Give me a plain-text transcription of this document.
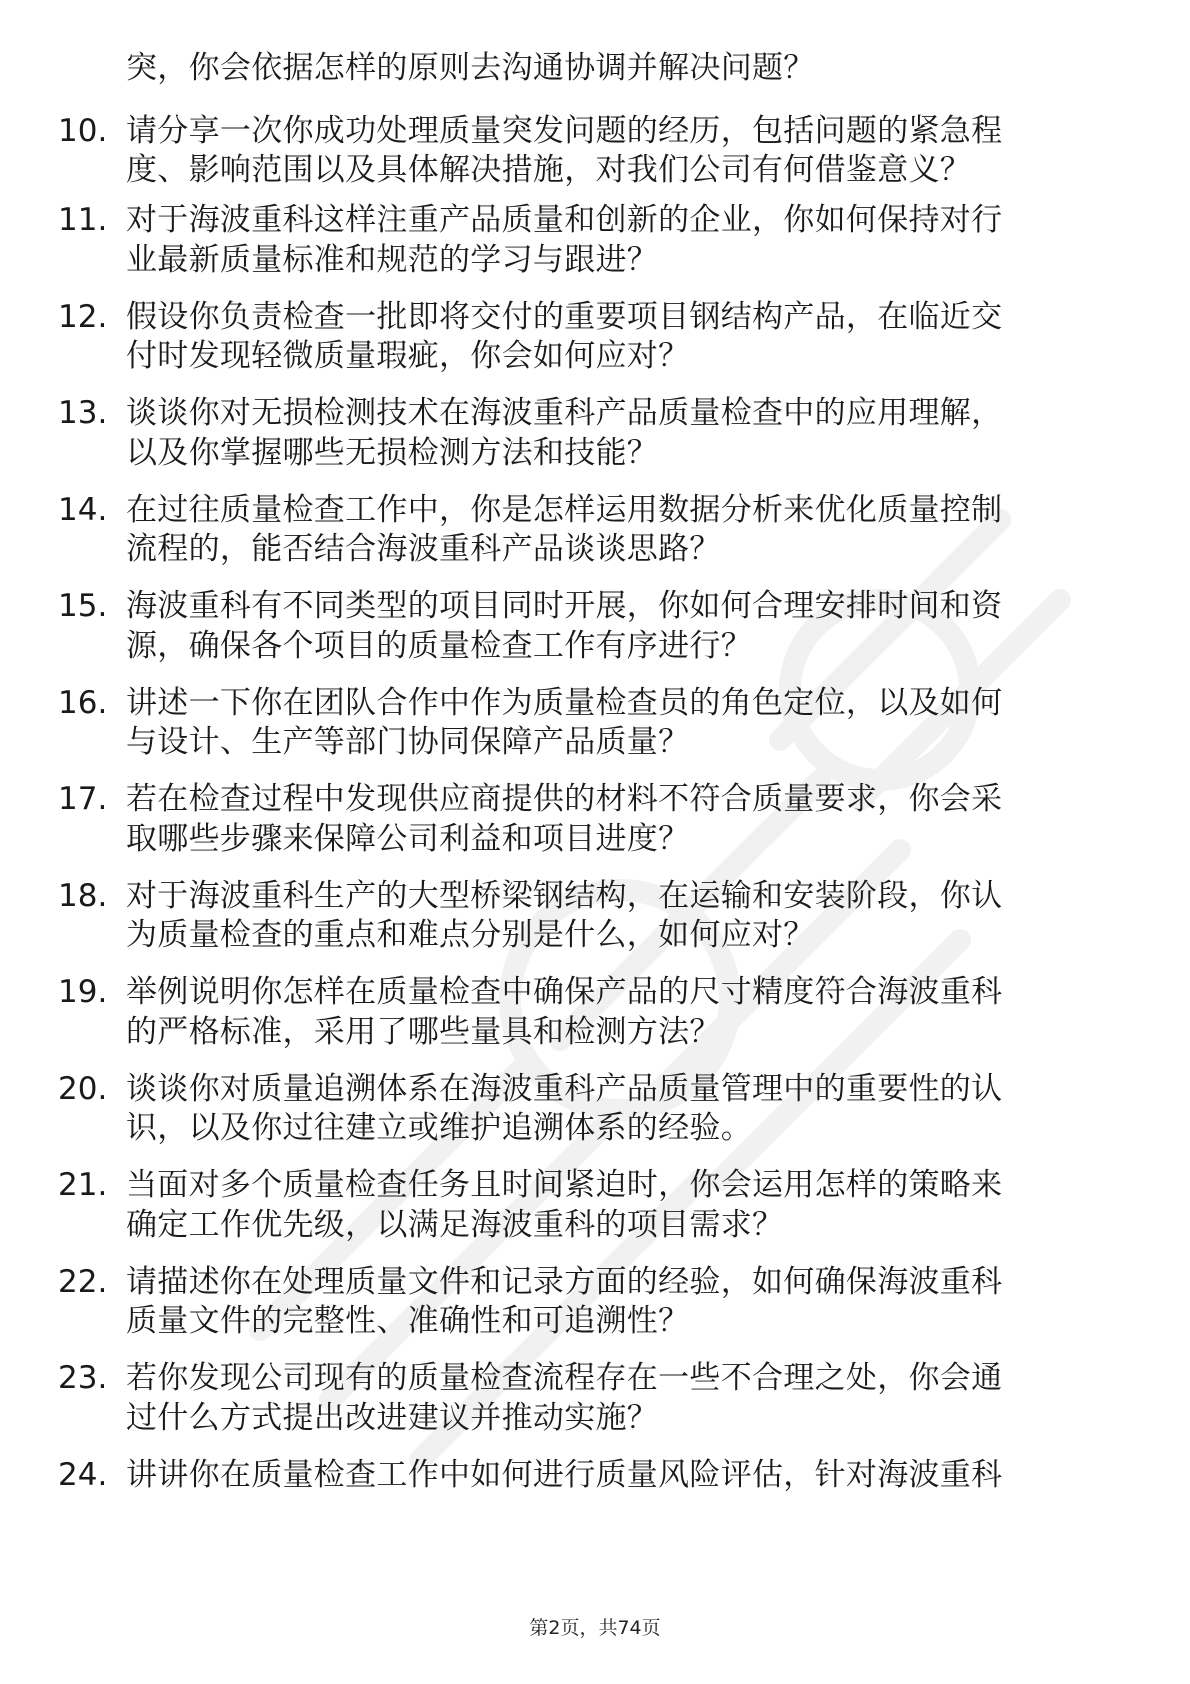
突，你会依据怎样的原则去沟通协调并解决问题？
10. 请分享一次你成功处理质量突发问题的经历，包括问题的紧急程
度、影响范围以及具体解决措施，对我们公司有何借鉴意义？
11. 对于海波重科这样注重产品质量和创新的企业，你如何保持对行
业最新质量标准和规范的学习与跟进？
12. 假设你负责检查一批即将交付的重要项目钢结构产品，在临近交
付时发现轻微质量瑕疵，你会如何应对？
13. 谈谈你对无损检测技术在海波重科产品质量检查中的应用理解，
以及你掌握哪些无损检测方法和技能？
14. 在过往质量检查工作中，你是怎样运用数据分析来优化质量控制
流程的，能否结合海波重科产品谈谈思路？
15. 海波重科有不同类型的项目同时开展，你如何合理安排时间和资
源，确保各个项目的质量检查工作有序进行？
16. 讲述一下你在团队合作中作为质量检查员的角色定位，以及如何
与设计、生产等部门协同保障产品质量？
17. 若在检查过程中发现供应商提供的材料不符合质量要求，你会采
取哪些步骤来保障公司利益和项目进度？
18. 对于海波重科生产的大型桥梁钢结构，在运输和安装阶段，你认
为质量检查的重点和难点分别是什么，如何应对？
19. 举例说明你怎样在质量检查中确保产品的尺寸精度符合海波重科
的严格标准，采用了哪些量具和检测方法？
20. 谈谈你对质量追溯体系在海波重科产品质量管理中的重要性的认
识，以及你过往建立或维护追溯体系的经验。
21. 当面对多个质量检查任务且时间紧迫时，你会运用怎样的策略来
确定工作优先级，以满足海波重科的项目需求？
22. 请描述你在处理质量文件和记录方面的经验，如何确保海波重科
质量文件的完整性、准确性和可追溯性？
23. 若你发现公司现有的质量检查流程存在一些不合理之处，你会通
过什么方式提出改进建议并推动实施？
24. 讲讲你在质量检查工作中如何进行质量风险评估，针对海波重科
第2页，共74页
